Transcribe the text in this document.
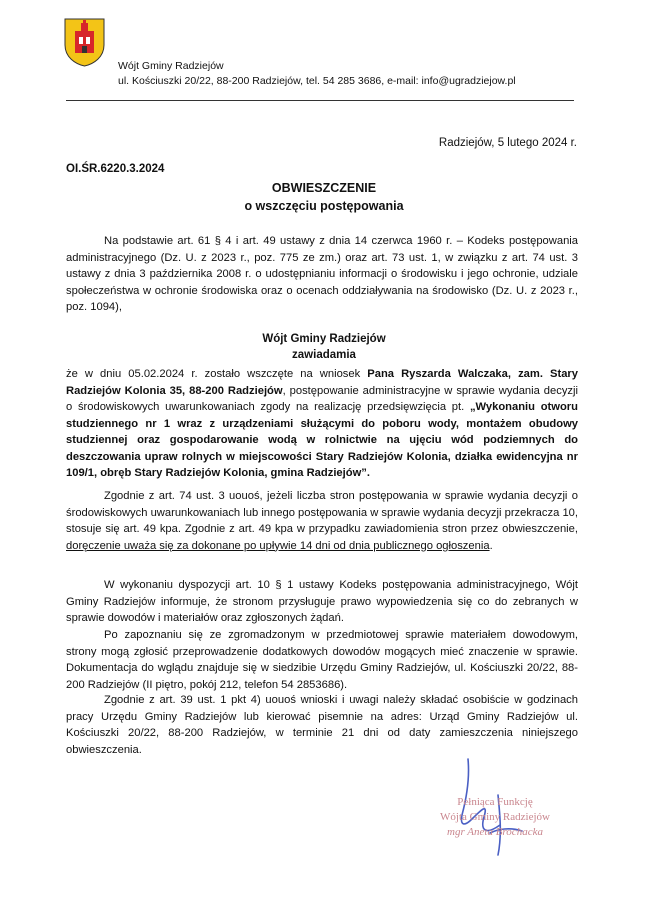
Wójt Gminy Radziejów
ul. Kościuszki 20/22, 88-200 Radziejów, tel. 54 285 3686, e-mail: info@ugradziejow.pl
Radziejów, 5 lutego 2024 r.
OI.ŚR.6220.3.2024
OBWIESZCZENIE
o wszczęciu postępowania
Na podstawie art. 61 § 4 i art. 49 ustawy z dnia 14 czerwca 1960 r. – Kodeks postępowania administracyjnego (Dz. U. z 2023 r., poz. 775 ze zm.) oraz art. 73 ust. 1, w związku z art. 74 ust. 3 ustawy z dnia 3 października 2008 r. o udostępnianiu informacji o środowisku i jego ochronie, udziale społeczeństwa w ochronie środowiska oraz o ocenach oddziaływania na środowisko (Dz. U. z 2023 r., poz. 1094),
Wójt Gminy Radziejów
zawiadamia
że w dniu 05.02.2024 r. zostało wszczęte na wniosek Pana Ryszarda Walczaka, zam. Stary Radziejów Kolonia 35, 88-200 Radziejów, postępowanie administracyjne w sprawie wydania decyzji o środowiskowych uwarunkowaniach zgody na realizację przedsięwzięcia pt. „Wykonaniu otworu studziennego nr 1 wraz z urządzeniami służącymi do poboru wody, montażem obudowy studziennej oraz gospodarowanie wodą w rolnictwie na ujęciu wód podziemnych do deszczowania upraw rolnych w miejscowości Stary Radziejów Kolonia, działka ewidencyjna nr 109/1, obręb Stary Radziejów Kolonia, gmina Radziejów”.
Zgodnie z art. 74 ust. 3 uouoś, jeżeli liczba stron postępowania w sprawie wydania decyzji o środowiskowych uwarunkowaniach lub innego postępowania w sprawie wydania decyzji przekracza 10, stosuje się art. 49 kpa. Zgodnie z art. 49 kpa w przypadku zawiadomienia stron przez obwieszczenie, doręczenie uważa się za dokonane po upływie 14 dni od dnia publicznego ogłoszenia.
W wykonaniu dyspozycji art. 10 § 1 ustawy Kodeks postępowania administracyjnego, Wójt Gminy Radziejów informuje, że stronom przysługuje prawo wypowiedzenia się co do zebranych w sprawie dowodów i materiałów oraz zgłoszonych żądań.
Po zapoznaniu się ze zgromadzonym w przedmiotowej sprawie materiałem dowodowym, strony mogą zgłosić przeprowadzenie dodatkowych dowodów mogących mieć znaczenie w sprawie. Dokumentacja do wglądu znajduje się w siedzibie Urzędu Gminy Radziejów, ul. Kościuszki 20/22, 88-200 Radziejów (II piętro, pokój 212, telefon 54 2853686).
Zgodnie z art. 39 ust. 1 pkt 4) uouoś wnioski i uwagi należy składać osobiście w godzinach pracy Urzędu Gminy Radziejów lub kierować pisemnie na adres: Urząd Gminy Radziejów ul. Kościuszki 20/22, 88-200 Radziejów, w terminie 21 dni od daty zamieszczenia niniejszego obwieszczenia.
Pełniąca Funkcję
Wójta Gminy Radziejów
mgr Aneta Brochacka
